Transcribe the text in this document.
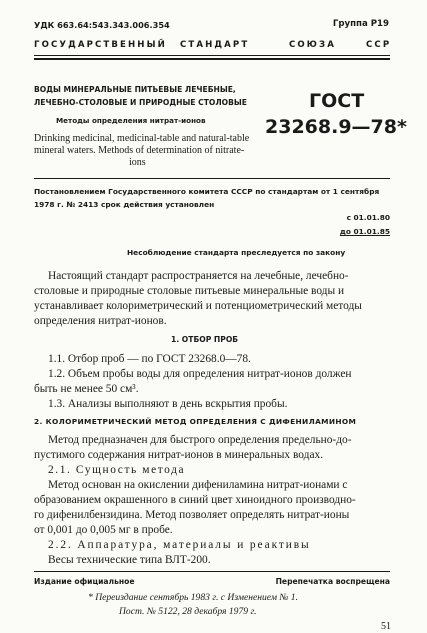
УДК 663.64:543.343.006.354	Группа Р19
ГОСУДАРСТВЕННЫЙ СТАНДАРТ	СОЮЗА	ССР
ВОДЫ МИНЕРАЛЬНЫЕ ПИТЬЕВЫЕ ЛЕЧЕБНЫЕ,
ЛЕЧЕБНО-СТОЛОВЫЕ И ПРИРОДНЫЕ СТОЛОВЫЕ
Методы определения нитрат-ионов
Drinking medicinal, medicinal-table and natural-table
mineral waters. Methods of determination of nitrate-
ions
ГОСТ
23268.9—78*
Постановлением Государственного комитета СССР по стандартам от 1 сентября
1978 г. № 2413 срок действия установлен
с 01.01.80
до 01.01.85
Несоблюдение стандарта преследуется по закону
Настоящий стандарт распространяется на лечебные, лечебно-
столовые и природные столовые питьевые минеральные воды и
устанавливает колориметрический и потенциометрический методы
определения нитрат-ионов.
1. ОТБОР ПРОБ
1.1. Отбор проб — по ГОСТ 23268.0—78.
1.2. Объем пробы воды для определения нитрат-ионов должен
быть не менее 50 см³.
1.3. Анализы выполняют в день вскрытия пробы.
2. КОЛОРИМЕТРИЧЕСКИЙ МЕТОД ОПРЕДЕЛЕНИЯ С ДИФЕНИЛАМИНОМ
Метод предназначен для быстрого определения предельно-до-
пустимого содержания нитрат-ионов в минеральных водах.
2.1. Сущность метода
Метод основан на окислении дифениламина нитрат-ионами с
образованием окрашенного в синий цвет хиноидного производно-
го дифенилбензидина. Метод позволяет определять нитрат-ионы
от 0,001 до 0,005 мг в пробе.
2.2. Аппаратура, материалы и реактивы
Весы технические типа ВЛТ-200.
Издание официальное	Перепечатка воспрещена
* Переиздание сентябрь 1983 г. с Изменением № 1.
Пост. № 5122, 28 декабря 1979 г.
51
